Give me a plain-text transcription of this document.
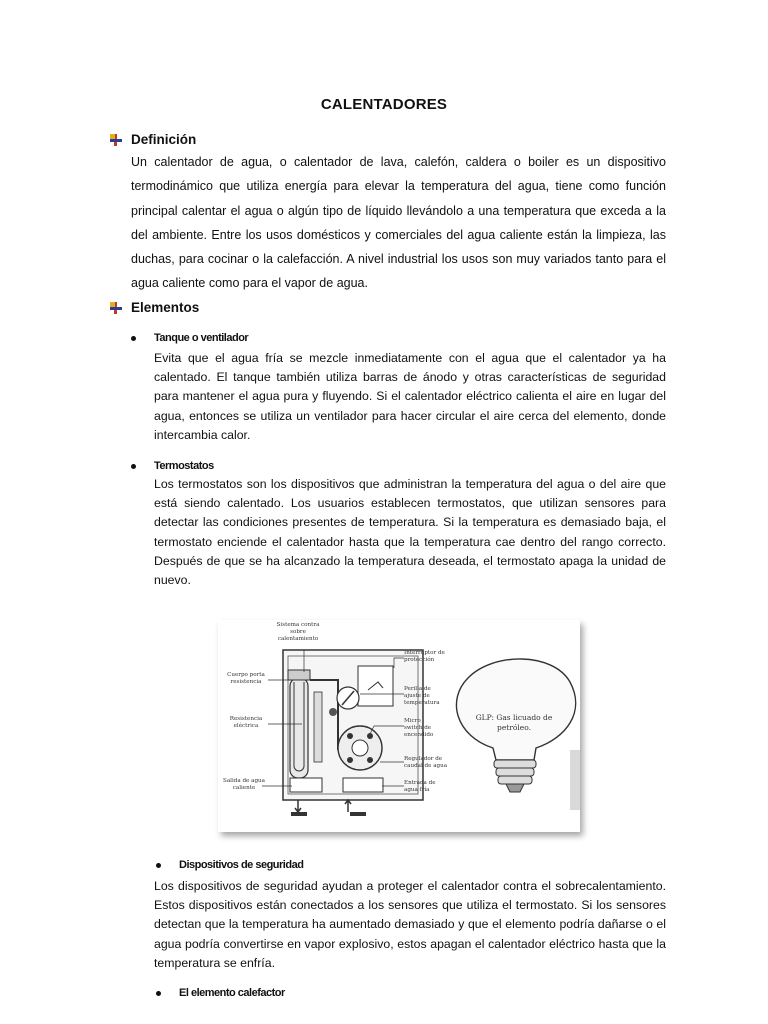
CALENTADORES
Definición
Un calentador de agua, o calentador de lava, calefón, caldera o boiler es un dispositivo termodinámico que utiliza energía para elevar la temperatura del agua, tiene como función principal calentar el agua o algún tipo de líquido llevándolo a una temperatura que exceda a la del ambiente. Entre los usos domésticos y comerciales del agua caliente están la limpieza, las duchas, para cocinar o la calefacción. A nivel industrial los usos son muy variados tanto para el agua caliente como para el vapor de agua.
Elementos
Tanque o ventilador
Evita que el agua fría se mezcle inmediatamente con el agua que el calentador ya ha calentado. El tanque también utiliza barras de ánodo y otras características de seguridad para mantener el agua pura y fluyendo. Si el calentador eléctrico calienta el aire en lugar del agua, entonces se utiliza un ventilador para hacer circular el aire cerca del elemento, donde intercambia calor.
Termostatos
Los termostatos son los dispositivos que administran la temperatura del agua o del aire que está siendo calentado. Los usuarios establecen termostatos, que utilizan sensores para detectar las condiciones presentes de temperatura. Si la temperatura es demasiado baja, el termostato enciende el calentador hasta que la temperatura cae dentro del rango correcto. Después de que se ha alcanzado la temperatura deseada, el termostato apaga la unidad de nuevo.
Sistema contra
sobre
calentamiento
Cuerpo porta
resistencia
Resistencia
eléctrica
Salida de agua
caliente
Interruptor de
protección
Perilla de
ajuste de
temperatura
Micro
switch de
encendido
Regulador de
caudal de agua
Entrada de
agua fría
GLP: Gas licuado de
petróleo.
Dispositivos de seguridad
Los dispositivos de seguridad ayudan a proteger el calentador contra el sobrecalentamiento. Estos dispositivos están conectados a los sensores que utiliza el termostato. Si los sensores detectan que la temperatura ha aumentado demasiado y que el elemento podría dañarse o el agua podría convertirse en vapor explosivo, estos apagan el calentador eléctrico hasta que la temperatura se enfría.
El elemento calefactor
